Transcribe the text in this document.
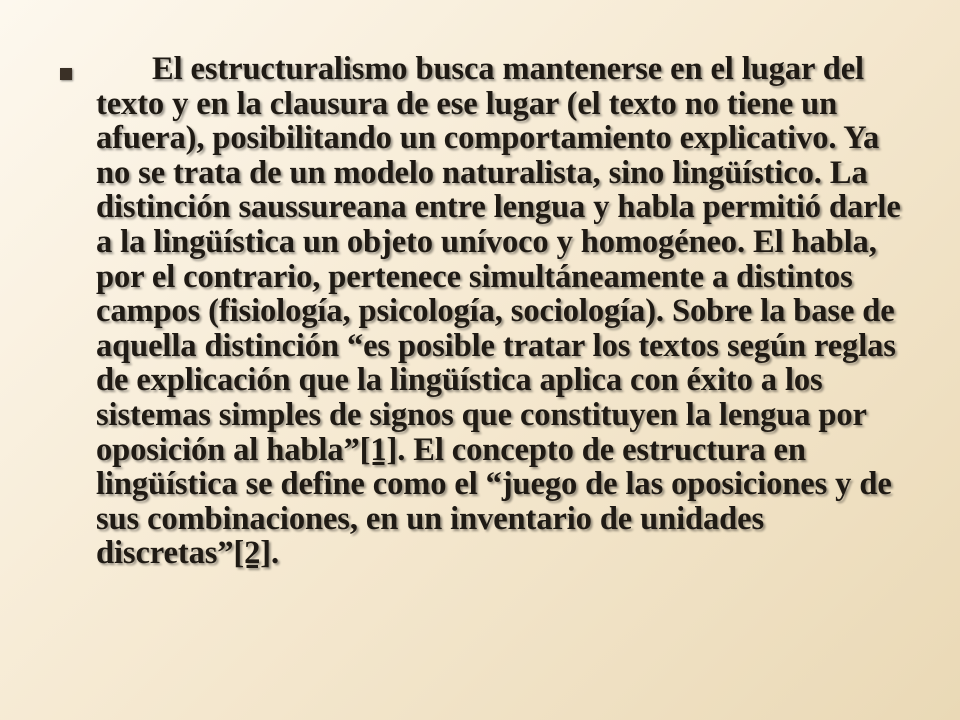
El estructuralismo busca mantenerse en el lugar del texto y en la clausura de ese lugar (el texto no tiene un afuera), posibilitando un comportamiento explicativo. Ya no se trata de un modelo naturalista, sino lingüístico. La distinción saussureana entre lengua y habla permitió darle a la lingüística un objeto unívoco y homogéneo. El habla, por el contrario, pertenece simultáneamente a distintos campos (fisiología, psicología, sociología). Sobre la base de aquella distinción “es posible tratar los textos según reglas de explicación que la lingüística aplica con éxito a los sistemas simples de signos que constituyen la lengua por oposición al habla”[1]. El concepto de estructura en lingüística se define como el “juego de las oposiciones y de sus combinaciones, en un inventario de unidades discretas”[2].
